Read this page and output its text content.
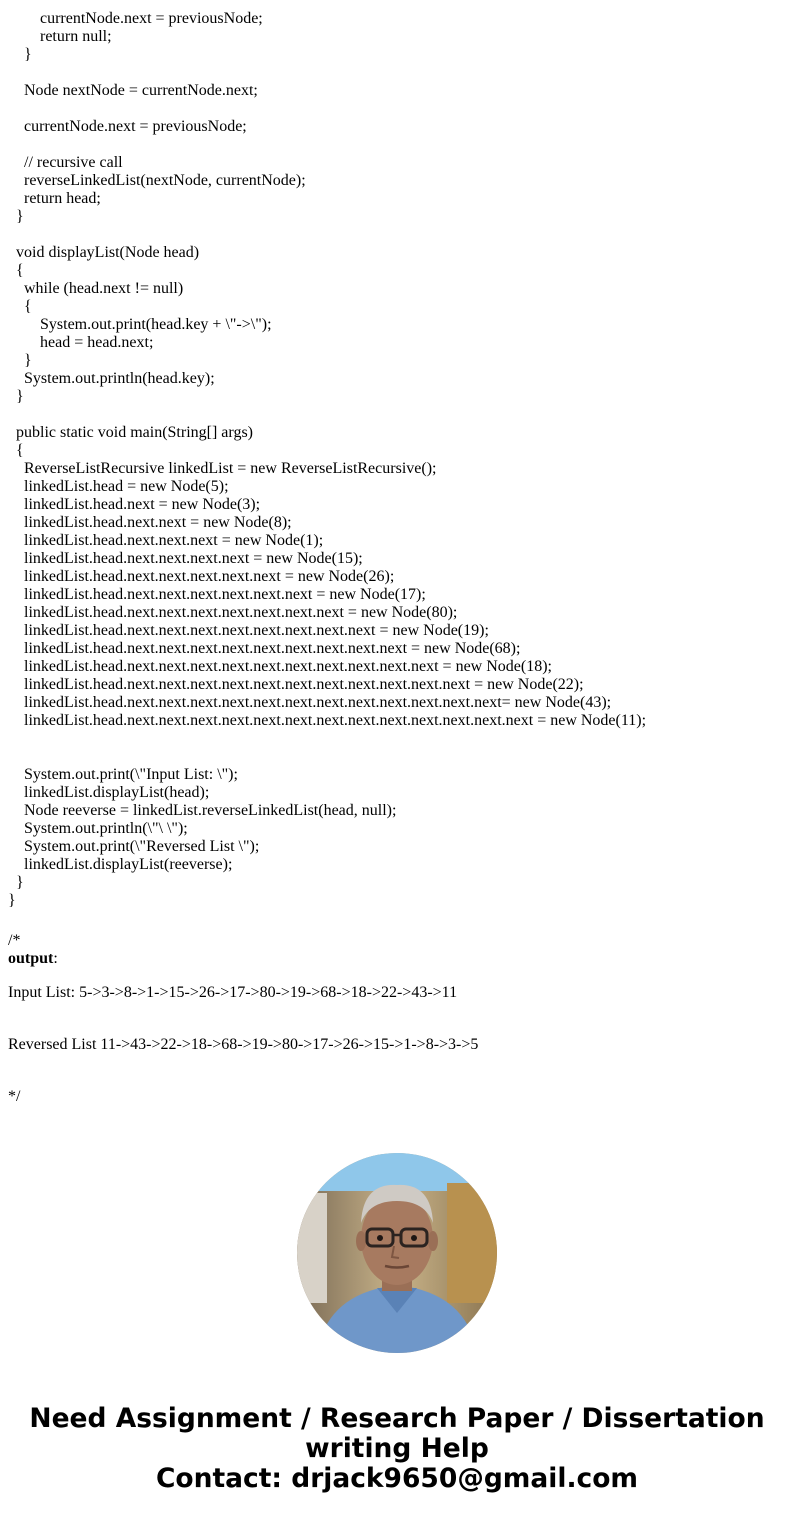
currentNode.next = previousNode;

return null;

}

Node nextNode = currentNode.next;

currentNode.next = previousNode;

// recursive call

reverseLinkedList(nextNode, currentNode);

return head;

}

void displayList(Node head)

{

while (head.next != null)

{

System.out.print(head.key + \"->\");

head = head.next;

}

System.out.println(head.key);

}

public static void main(String[] args)

{

ReverseListRecursive linkedList = new ReverseListRecursive();

linkedList.head = new Node(5);

linkedList.head.next = new Node(3);

linkedList.head.next.next = new Node(8);

linkedList.head.next.next.next = new Node(1);

linkedList.head.next.next.next.next = new Node(15);

linkedList.head.next.next.next.next.next = new Node(26);

linkedList.head.next.next.next.next.next.next = new Node(17);

linkedList.head.next.next.next.next.next.next.next = new Node(80);

linkedList.head.next.next.next.next.next.next.next.next = new Node(19);

linkedList.head.next.next.next.next.next.next.next.next.next = new Node(68);

linkedList.head.next.next.next.next.next.next.next.next.next.next = new Node(18);

linkedList.head.next.next.next.next.next.next.next.next.next.next.next = new Node(22);

linkedList.head.next.next.next.next.next.next.next.next.next.next.next.next= new Node(43);

linkedList.head.next.next.next.next.next.next.next.next.next.next.next.next.next = new Node(11);

System.out.print(\"Input List: \");

linkedList.displayList(head);

Node reeverse = linkedList.reverseLinkedList(head, null);

System.out.println(\"\ \");

System.out.print(\"Reversed List \");

linkedList.displayList(reeverse);

}

}

/*

output:

Input List: 5->3->8->1->15->26->17->80->19->68->18->22->43->11

Reversed List 11->43->22->18->68->19->80->17->26->15->1->8->3->5

*/

Need Assignment / Research Paper / Dissertation
writing Help
Contact: drjack9650@gmail.com
